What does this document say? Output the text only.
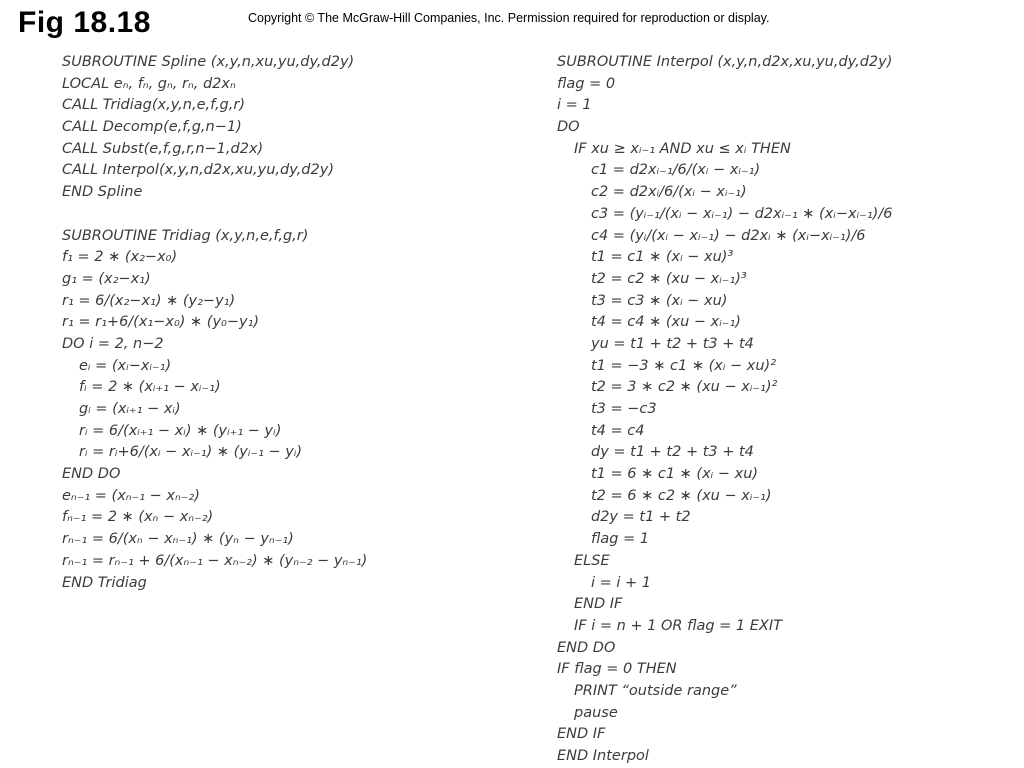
Fig 18.18	Copyright © The McGraw-Hill Companies, Inc. Permission required for reproduction or display.
SUBROUTINE Spline (x,y,n,xu,yu,dy,d2y)
LOCAL eₙ, fₙ, gₙ, rₙ, d2xₙ
CALL Tridiag(x,y,n,e,f,g,r)
CALL Decomp(e,f,g,n−1)
CALL Subst(e,f,g,r,n−1,d2x)
CALL Interpol(x,y,n,d2x,xu,yu,dy,d2y)
END Spline
SUBROUTINE Tridiag (x,y,n,e,f,g,r)
f₁ = 2 ∗ (x₂−x₀)
g₁ = (x₂−x₁)
r₁ = 6/(x₂−x₁) ∗ (y₂−y₁)
r₁ = r₁+6/(x₁−x₀) ∗ (y₀−y₁)
DO i = 2, n−2
eᵢ = (xᵢ−xᵢ₋₁)
fᵢ = 2 ∗ (xᵢ₊₁ − xᵢ₋₁)
gᵢ = (xᵢ₊₁ − xᵢ)
rᵢ = 6/(xᵢ₊₁ − xᵢ) ∗ (yᵢ₊₁ − yᵢ)
rᵢ = rᵢ+6/(xᵢ − xᵢ₋₁) ∗ (yᵢ₋₁ − yᵢ)
END DO
eₙ₋₁ = (xₙ₋₁ − xₙ₋₂)
fₙ₋₁ = 2 ∗ (xₙ − xₙ₋₂)
rₙ₋₁ = 6/(xₙ − xₙ₋₁) ∗ (yₙ − yₙ₋₁)
rₙ₋₁ = rₙ₋₁ + 6/(xₙ₋₁ − xₙ₋₂) ∗ (yₙ₋₂ − yₙ₋₁)
END Tridiag
SUBROUTINE Interpol (x,y,n,d2x,xu,yu,dy,d2y)
flag = 0
i = 1
DO
IF xu ≥ xᵢ₋₁ AND xu ≤ xᵢ THEN
c1 = d2xᵢ₋₁/6/(xᵢ − xᵢ₋₁)
c2 = d2xᵢ/6/(xᵢ − xᵢ₋₁)
c3 = (yᵢ₋₁/(xᵢ − xᵢ₋₁) − d2xᵢ₋₁ ∗ (xᵢ−xᵢ₋₁)/6
c4 = (yᵢ/(xᵢ − xᵢ₋₁) − d2xᵢ ∗ (xᵢ−xᵢ₋₁)/6
t1 = c1 ∗ (xᵢ − xu)³
t2 = c2 ∗ (xu − xᵢ₋₁)³
t3 = c3 ∗ (xᵢ − xu)
t4 = c4 ∗ (xu − xᵢ₋₁)
yu = t1 + t2 + t3 + t4
t1 = −3 ∗ c1 ∗ (xᵢ − xu)²
t2 = 3 ∗ c2 ∗ (xu − xᵢ₋₁)²
t3 = −c3
t4 = c4
dy = t1 + t2 + t3 + t4
t1 = 6 ∗ c1 ∗ (xᵢ − xu)
t2 = 6 ∗ c2 ∗ (xu − xᵢ₋₁)
d2y = t1 + t2
flag = 1
ELSE
i = i + 1
END IF
IF i = n + 1 OR flag = 1 EXIT
END DO
IF flag = 0 THEN
PRINT “outside range”
pause
END IF
END Interpol
